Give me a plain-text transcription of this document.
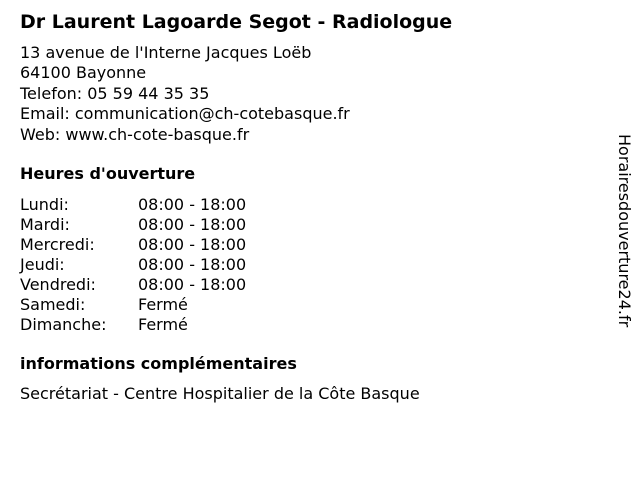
Dr Laurent Lagoarde Segot - Radiologue
13 avenue de l'Interne Jacques Loëb
64100 Bayonne
Telefon: 05 59 44 35 35
Email: communication@ch-cotebasque.fr
Web: www.ch-cote-basque.fr
Heures d'ouverture
Lundi:	08:00 - 18:00
Mardi:	08:00 - 18:00
Mercredi:	08:00 - 18:00
Jeudi:	08:00 - 18:00
Vendredi:	08:00 - 18:00
Samedi:	Fermé
Dimanche:	Fermé
informations complémentaires
Secrétariat - Centre Hospitalier de la Côte Basque
Horairesdouverture24.fr
